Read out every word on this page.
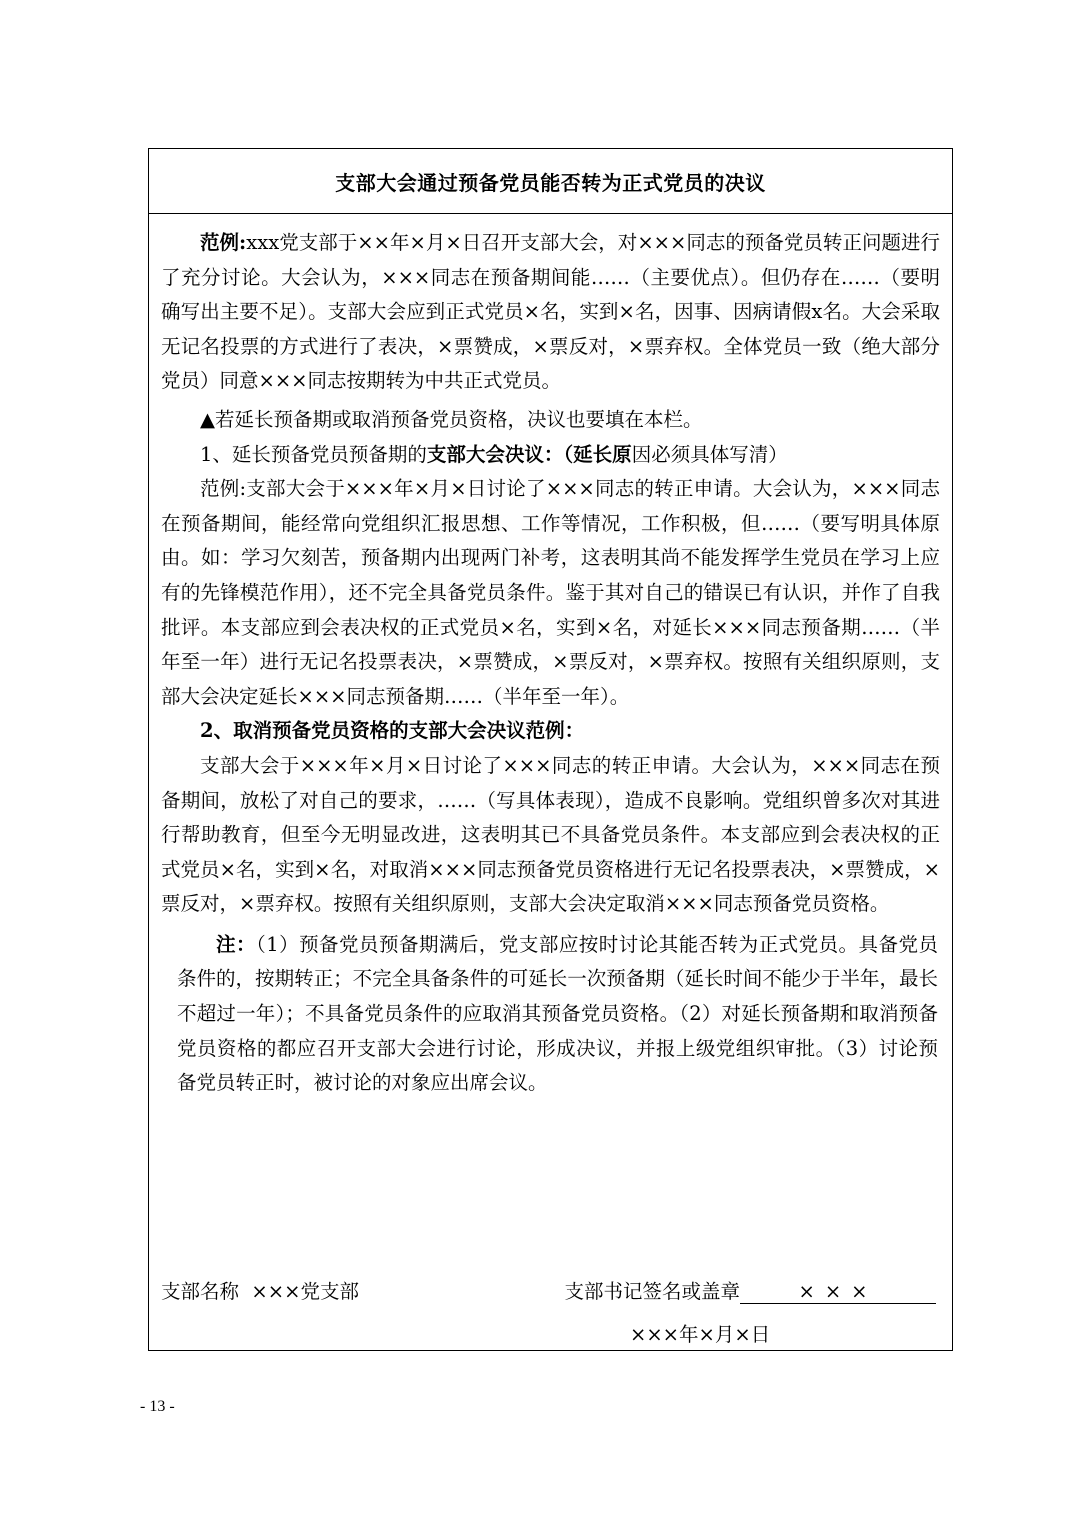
支部大会通过预备党员能否转为正式党员的决议

范例:xxx党支部于××年×月×日召开支部大会，对×××同志的预备党员转正问题进行了充分讨论。大会认为，×××同志在预备期间能……（主要优点）。但仍存在……（要明确写出主要不足）。支部大会应到正式党员×名，实到×名，因事、因病请假x名。大会采取无记名投票的方式进行了表决，×票赞成，×票反对，×票弃权。全体党员一致（绝大部分党员）同意×××同志按期转为中共正式党员。

▲若延长预备期或取消预备党员资格，决议也要填在本栏。

1、延长预备党员预备期的支部大会决议：（延长原因必须具体写清）

范例:支部大会于×××年×月×日讨论了×××同志的转正申请。大会认为，×××同志在预备期间，能经常向党组织汇报思想、工作等情况，工作积极，但……（要写明具体原由。如：学习欠刻苦，预备期内出现两门补考，这表明其尚不能发挥学生党员在学习上应有的先锋模范作用），还不完全具备党员条件。鉴于其对自己的错误已有认识，并作了自我批评。本支部应到会表决权的正式党员×名，实到×名，对延长×××同志预备期……（半年至一年）进行无记名投票表决，×票赞成，×票反对，×票弃权。按照有关组织原则，支部大会决定延长×××同志预备期……（半年至一年）。

2、取消预备党员资格的支部大会决议范例：

支部大会于×××年×月×日讨论了×××同志的转正申请。大会认为，×××同志在预备期间，放松了对自己的要求，……（写具体表现），造成不良影响。党组织曾多次对其进行帮助教育，但至今无明显改进，这表明其已不具备党员条件。本支部应到会表决权的正式党员×名，实到×名，对取消×××同志预备党员资格进行无记名投票表决，×票赞成，×票反对，×票弃权。按照有关组织原则，支部大会决定取消×××同志预备党员资格。

注：（1）预备党员预备期满后，党支部应按时讨论其能否转为正式党员。具备党员条件的，按期转正；不完全具备条件的可延长一次预备期（延长时间不能少于半年，最长不超过一年）；不具备党员条件的应取消其预备党员资格。（2）对延长预备期和取消预备党员资格的都应召开支部大会进行讨论，形成决议，并报上级党组织审批。（3）讨论预备党员转正时，被讨论的对象应出席会议。

支部名称 ×××党支部	支部书记签名或盖章	×××
×××年×月×日
- 13 -
